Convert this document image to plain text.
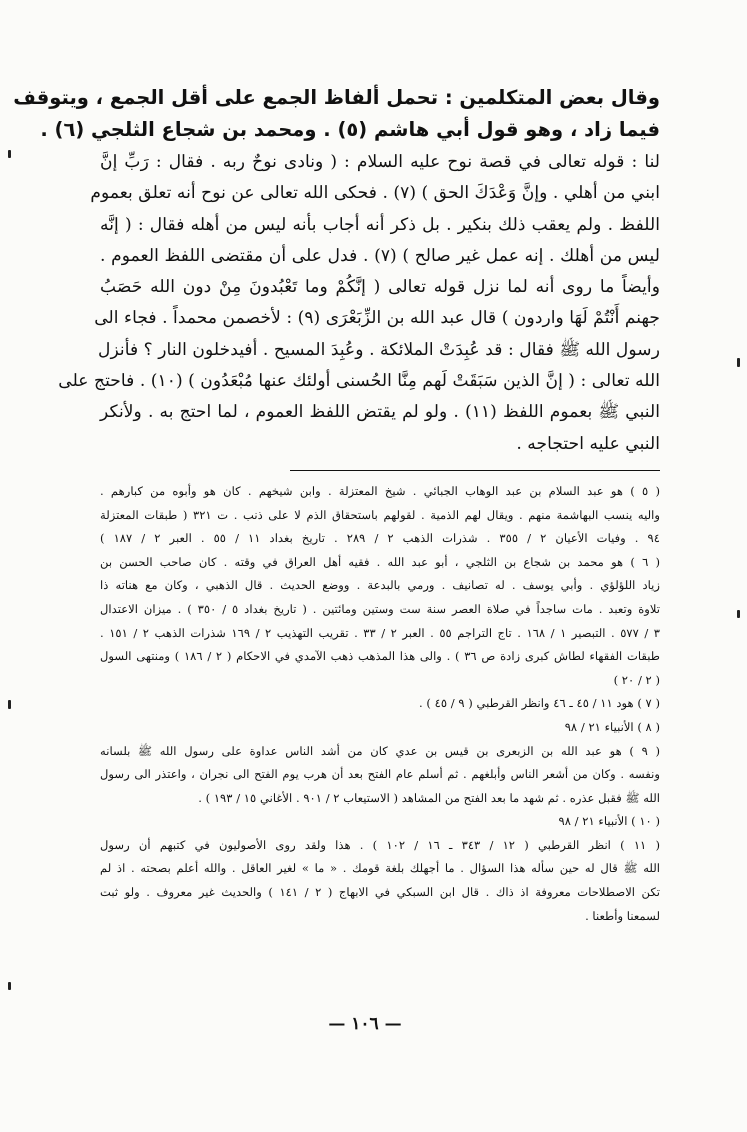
وقال بعض المتكلمين : تحمل ألفاظ الجمع على أقل الجمع ، ويتوقف
فيما زاد ، وهو قول أبي هاشم (٥) . ومحمد بن شجاع الثلجي (٦) .
لنا : قوله تعالى في قصة نوح عليه السلام : ( ونادى نوحٌ ربه . فقال : رَبِّ إنَّ
ابني من أهلي . وإنَّ وَعْدَكَ الحق ) (٧) . فحكى الله تعالى عن نوح أنه تعلق بعموم
اللفظ . ولم يعقب ذلك بنكير . بل ذكر أنه أجاب بأنه ليس من أهله فقال : ( إنَّه
ليس من أهلك . إنه عمل غير صالح ) (٧) . فدل على أن مقتضى اللفظ العموم .
وأيضاً ما روى أنه لما نزل قوله تعالى ( إنَّكُمْ وما تَعْبُدونَ مِنْ دون الله حَصَبُ
جهنم أَنْتُمْ لَهَا واردون ) قال عبد الله بن الزِّبَعْرَى (٩) : لأخصمن محمداً . فجاء الى
رسول الله ﷺ فقال : قد عُبِدَتْ الملائكة . وعُبِدَ المسيح . أفيدخلون النار ؟ فأنزل
الله تعالى : ( إنَّ الذين سَبَقَتْ لَهم مِنَّا الحُسنى أولئك عنها مُبْعَدُون ) (١٠) . فاحتج على
النبي ﷺ بعموم اللفظ (١١) . ولو لم يقتض اللفظ العموم ، لما احتج به . ولأنكر
النبي عليه احتجاجه .
( ٥ ) هو عبد السلام بن عبد الوهاب الجبائي . شيخ المعتزلة . وابن شيخهم . كان هو وأبوه من كبارهم .
واليه ينسب البهاشمة منهم . ويقال لهم الذمية . لقولهم باستحقاق الذم لا على ذنب . ت ٣٢١ ( طبقات المعتزلة
٩٤ . وفيات الأعيان ٢ / ٣٥٥ . شذرات الذهب ٢ / ٢٨٩ . تاريخ بغداد ١١ / ٥٥ . العبر ٢ / ١٨٧ )
( ٦ ) هو محمد بن شجاع بن الثلجي ، أبو عبد الله . فقيه أهل العراق في وقته . كان صاحب الحسن بن
زياد اللؤلؤي . وأبي يوسف . له تصانيف . ورمي بالبدعة . ووضع الحديث . قال الذهبي ، وكان مع هناته ذا
تلاوة وتعبد . مات ساجداً في صلاة العصر سنة ست وستين ومائتين . ( تاريخ بغداد ٥ / ٣٥٠ ) . ميزان الاعتدال
٣ / ٥٧٧ . التبصير ١ / ١٦٨ . تاج التراجم ٥٥ . العبر ٢ / ٣٣ . تقريب التهذيب ٢ / ١٦٩ شذرات الذهب ٢ / ١٥١ .
طبقات الفقهاء لطاش كبرى زادة ص ٣٦ ) . والى هذا المذهب ذهب الآمدي في الاحكام ( ٢ / ١٨٦ ) ومنتهى السول
( ٢ / ٢٠ )
( ٧ ) هود ١١ / ٤٥ ـ ٤٦ وانظر القرطبي ( ٩ / ٤٥ ) .
( ٨ ) الأنبياء ٢١ / ٩٨
( ٩ ) هو عبد الله بن الزبعرى بن قيس بن عدي كان من أشد الناس عداوة على رسول الله ﷺ بلسانه
ونفسه . وكان من أشعر الناس وأبلغهم . ثم أسلم عام الفتح بعد أن هرب يوم الفتح الى نجران ، واعتذر الى رسول
الله ﷺ فقبل عذره . ثم شهد ما بعد الفتح من المشاهد ( الاستيعاب ٢ / ٩٠١ . الأغاني ١٥ / ١٩٣ ) .
( ١٠ ) الأنبياء ٢١ / ٩٨
( ١١ ) انظر القرطبي ( ١٢ / ٣٤٣ ـ ١٦ / ١٠٢ ) . هذا ولقد روى الأصوليون في كتبهم أن رسول
الله ﷺ قال له حين سأله هذا السؤال . ما أجهلك بلغة قومك . « ما » لغير العاقل . والله أعلم بصحته . اذ لم
تكن الاصطلاحات معروفة اذ ذاك . قال ابن السبكي في الابهاج ( ٢ / ١٤١ ) والحديث غير معروف . ولو ثبت
لسمعنا وأطعنا .
— ١٠٦ —
